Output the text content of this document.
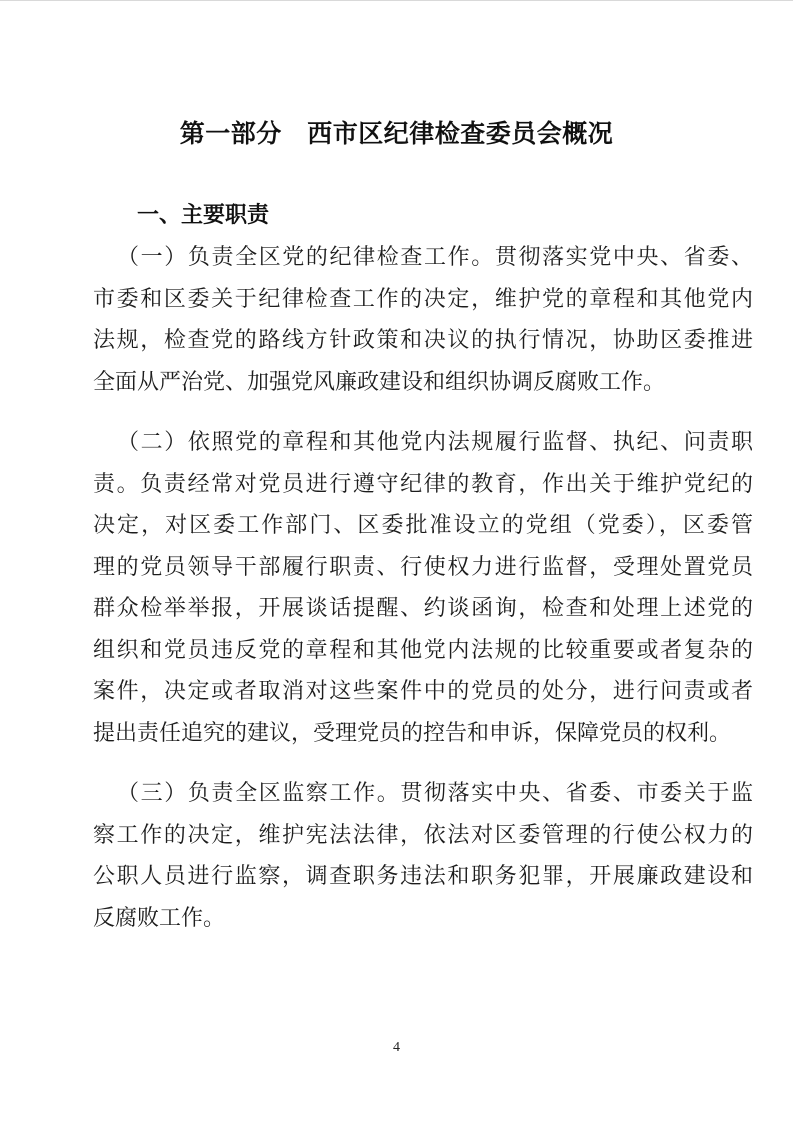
第一部分　西市区纪律检查委员会概况
一、主要职责
（一）负责全区党的纪律检查工作。贯彻落实党中央、省委、
市委和区委关于纪律检查工作的决定，维护党的章程和其他党内
法规，检查党的路线方针政策和决议的执行情况，协助区委推进
全面从严治党、加强党风廉政建设和组织协调反腐败工作。
（二）依照党的章程和其他党内法规履行监督、执纪、问责职
责。负责经常对党员进行遵守纪律的教育，作出关于维护党纪的
决定，对区委工作部门、区委批准设立的党组（党委），区委管
理的党员领导干部履行职责、行使权力进行监督，受理处置党员
群众检举举报，开展谈话提醒、约谈函询，检查和处理上述党的
组织和党员违反党的章程和其他党内法规的比较重要或者复杂的
案件，决定或者取消对这些案件中的党员的处分，进行问责或者
提出责任追究的建议，受理党员的控告和申诉，保障党员的权利。
（三）负责全区监察工作。贯彻落实中央、省委、市委关于监
察工作的决定，维护宪法法律，依法对区委管理的行使公权力的
公职人员进行监察，调查职务违法和职务犯罪，开展廉政建设和
反腐败工作。
4
